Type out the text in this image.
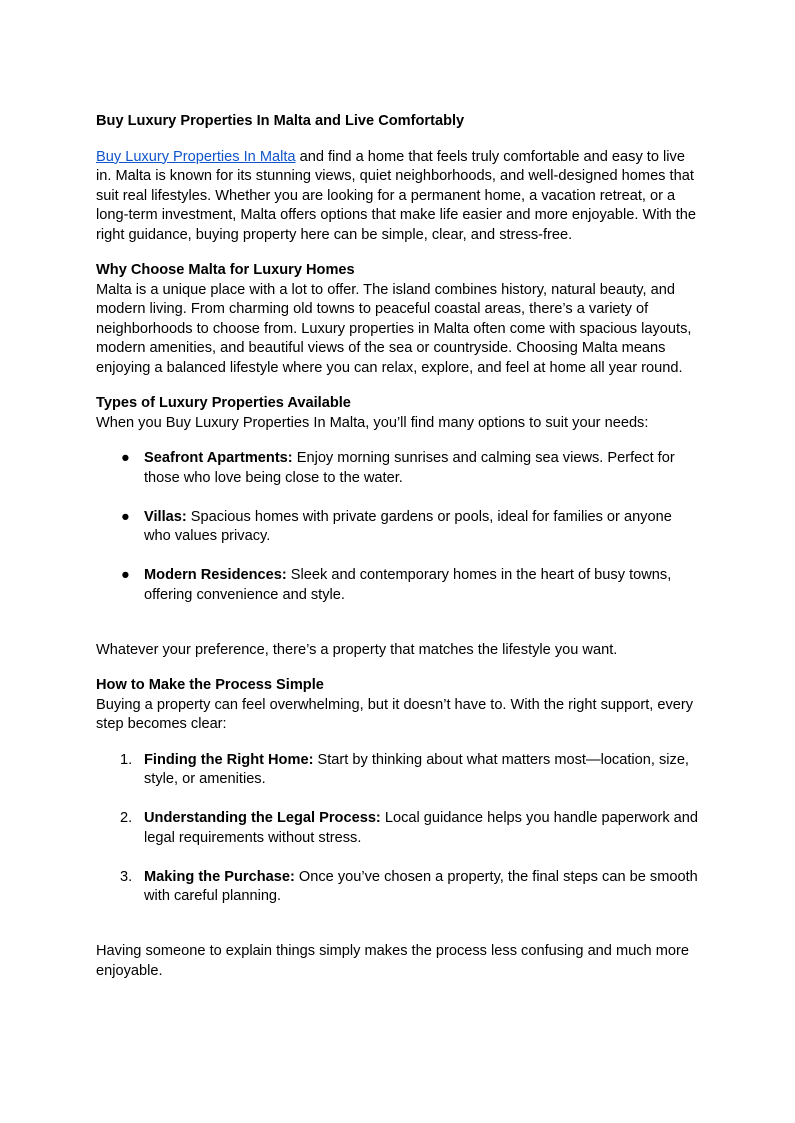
Buy Luxury Properties In Malta and Live Comfortably

Buy Luxury Properties In Malta and find a home that feels truly comfortable and easy to live in. Malta is known for its stunning views, quiet neighborhoods, and well-designed homes that suit real lifestyles. Whether you are looking for a permanent home, a vacation retreat, or a long-term investment, Malta offers options that make life easier and more enjoyable. With the right guidance, buying property here can be simple, clear, and stress-free.

Why Choose Malta for Luxury Homes
Malta is a unique place with a lot to offer. The island combines history, natural beauty, and modern living. From charming old towns to peaceful coastal areas, there’s a variety of neighborhoods to choose from. Luxury properties in Malta often come with spacious layouts, modern amenities, and beautiful views of the sea or countryside. Choosing Malta means enjoying a balanced lifestyle where you can relax, explore, and feel at home all year round.

Types of Luxury Properties Available
When you Buy Luxury Properties In Malta, you’ll find many options to suit your needs:

● Seafront Apartments: Enjoy morning sunrises and calming sea views. Perfect for those who love being close to the water.
● Villas: Spacious homes with private gardens or pools, ideal for families or anyone who values privacy.
● Modern Residences: Sleek and contemporary homes in the heart of busy towns, offering convenience and style.

Whatever your preference, there’s a property that matches the lifestyle you want.

How to Make the Process Simple
Buying a property can feel overwhelming, but it doesn’t have to. With the right support, every step becomes clear:

1. Finding the Right Home: Start by thinking about what matters most—location, size, style, or amenities.
2. Understanding the Legal Process: Local guidance helps you handle paperwork and legal requirements without stress.
3. Making the Purchase: Once you’ve chosen a property, the final steps can be smooth with careful planning.

Having someone to explain things simply makes the process less confusing and much more enjoyable.
